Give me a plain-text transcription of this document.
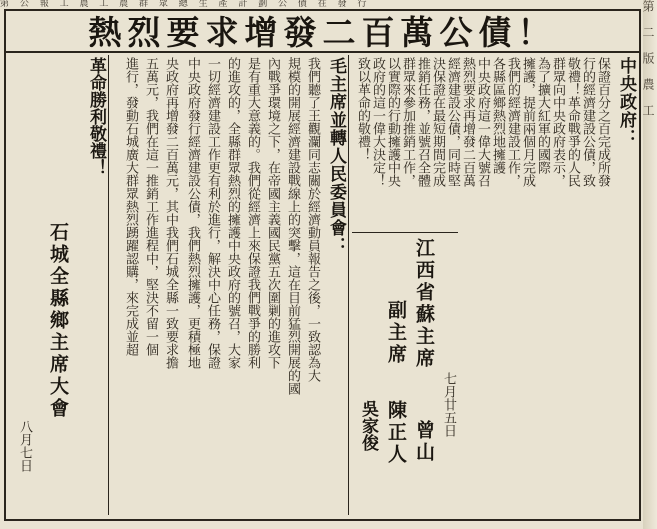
第 公 報 工 農 工 農 群 眾 總 生 產 計 劃 公 債 在 發 行
熱烈要求增發二百萬公債！
中央政府：
保證百分之百完成所發
行的經濟建設公債，致
敬禮！革命戰爭的人民
群眾向中央政府表示，
為了擴大紅軍的國際
擁護，提前兩個月完成
我們的經濟建設工作，
各縣區鄉熱烈地擁護
中央政府這一偉大號召
熱烈要求再增發二百萬
經濟建設公債，同時堅
決保證在最短期間完成
推銷任務，並號召全體
群眾來參加推銷工作，
以實際的行動擁護中央
政府的這一偉大決定！
致以革命的敬禮！
七月廿五日
江西省蘇主席
曾山
副主席
陳正人
吳家俊
毛主席並轉人民委員會：
我們聽了王觀瀾同志關於經濟動員報告之後，一致認為大
規模的開展經濟建設戰線上的突擊，這在目前猛烈開展的國
內戰爭環境之下，在帝國主義國民黨五次圍剿的進攻下
是有重大意義的。我們從經濟上來保證我們戰爭的勝利
的進攻的，全縣群眾熱烈的擁護中央政府的號召，大家
一切經濟建設工作更有利於進行，解決中心任務，保證
中央政府發行經濟建設公債，我們熱烈擁護，更積極地
央政府再增發二百萬元，其中我們石城全縣一致要求擔
五萬元，我們在這一推銷工作進程中，堅決不留一個
進行，發動石城廣大群眾熱烈踴躍認購，來完成並超
革命勝利敬禮！
石城全縣鄉主席大會
八月七日
第 二 版 農 工
